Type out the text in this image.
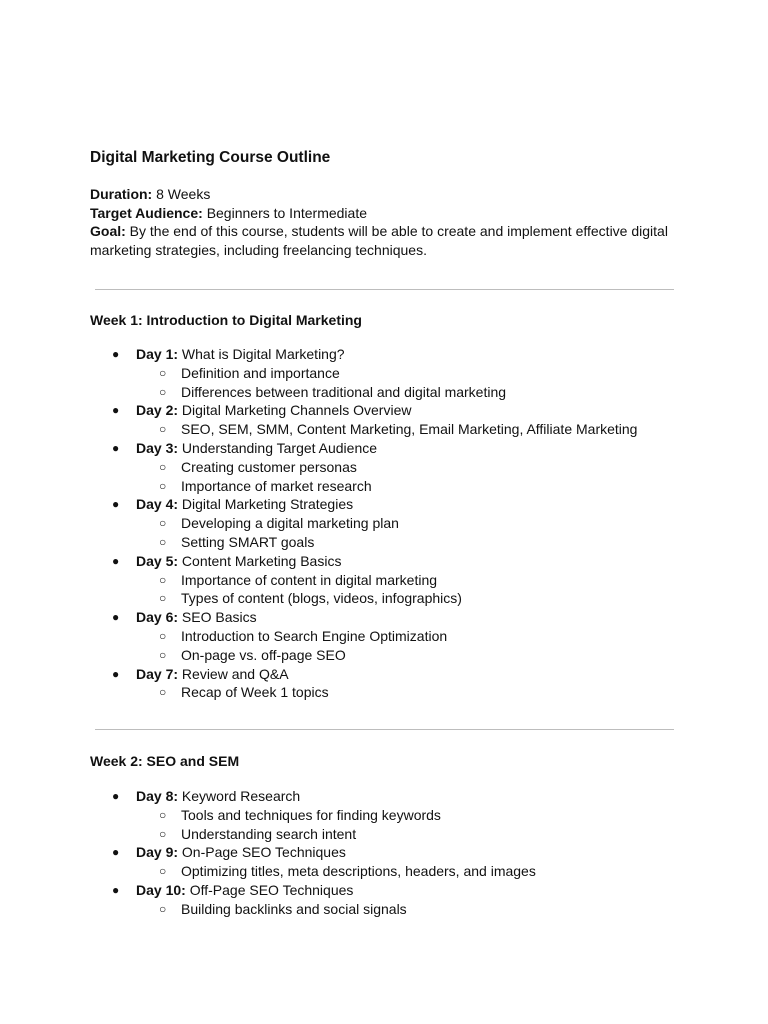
Digital Marketing Course Outline
Duration: 8 Weeks
Target Audience: Beginners to Intermediate
Goal: By the end of this course, students will be able to create and implement effective digital marketing strategies, including freelancing techniques.
Week 1: Introduction to Digital Marketing
● Day 1: What is Digital Marketing?
○ Definition and importance
○ Differences between traditional and digital marketing
● Day 2: Digital Marketing Channels Overview
○ SEO, SEM, SMM, Content Marketing, Email Marketing, Affiliate Marketing
● Day 3: Understanding Target Audience
○ Creating customer personas
○ Importance of market research
● Day 4: Digital Marketing Strategies
○ Developing a digital marketing plan
○ Setting SMART goals
● Day 5: Content Marketing Basics
○ Importance of content in digital marketing
○ Types of content (blogs, videos, infographics)
● Day 6: SEO Basics
○ Introduction to Search Engine Optimization
○ On-page vs. off-page SEO
● Day 7: Review and Q&A
○ Recap of Week 1 topics
Week 2: SEO and SEM
● Day 8: Keyword Research
○ Tools and techniques for finding keywords
○ Understanding search intent
● Day 9: On-Page SEO Techniques
○ Optimizing titles, meta descriptions, headers, and images
● Day 10: Off-Page SEO Techniques
○ Building backlinks and social signals
